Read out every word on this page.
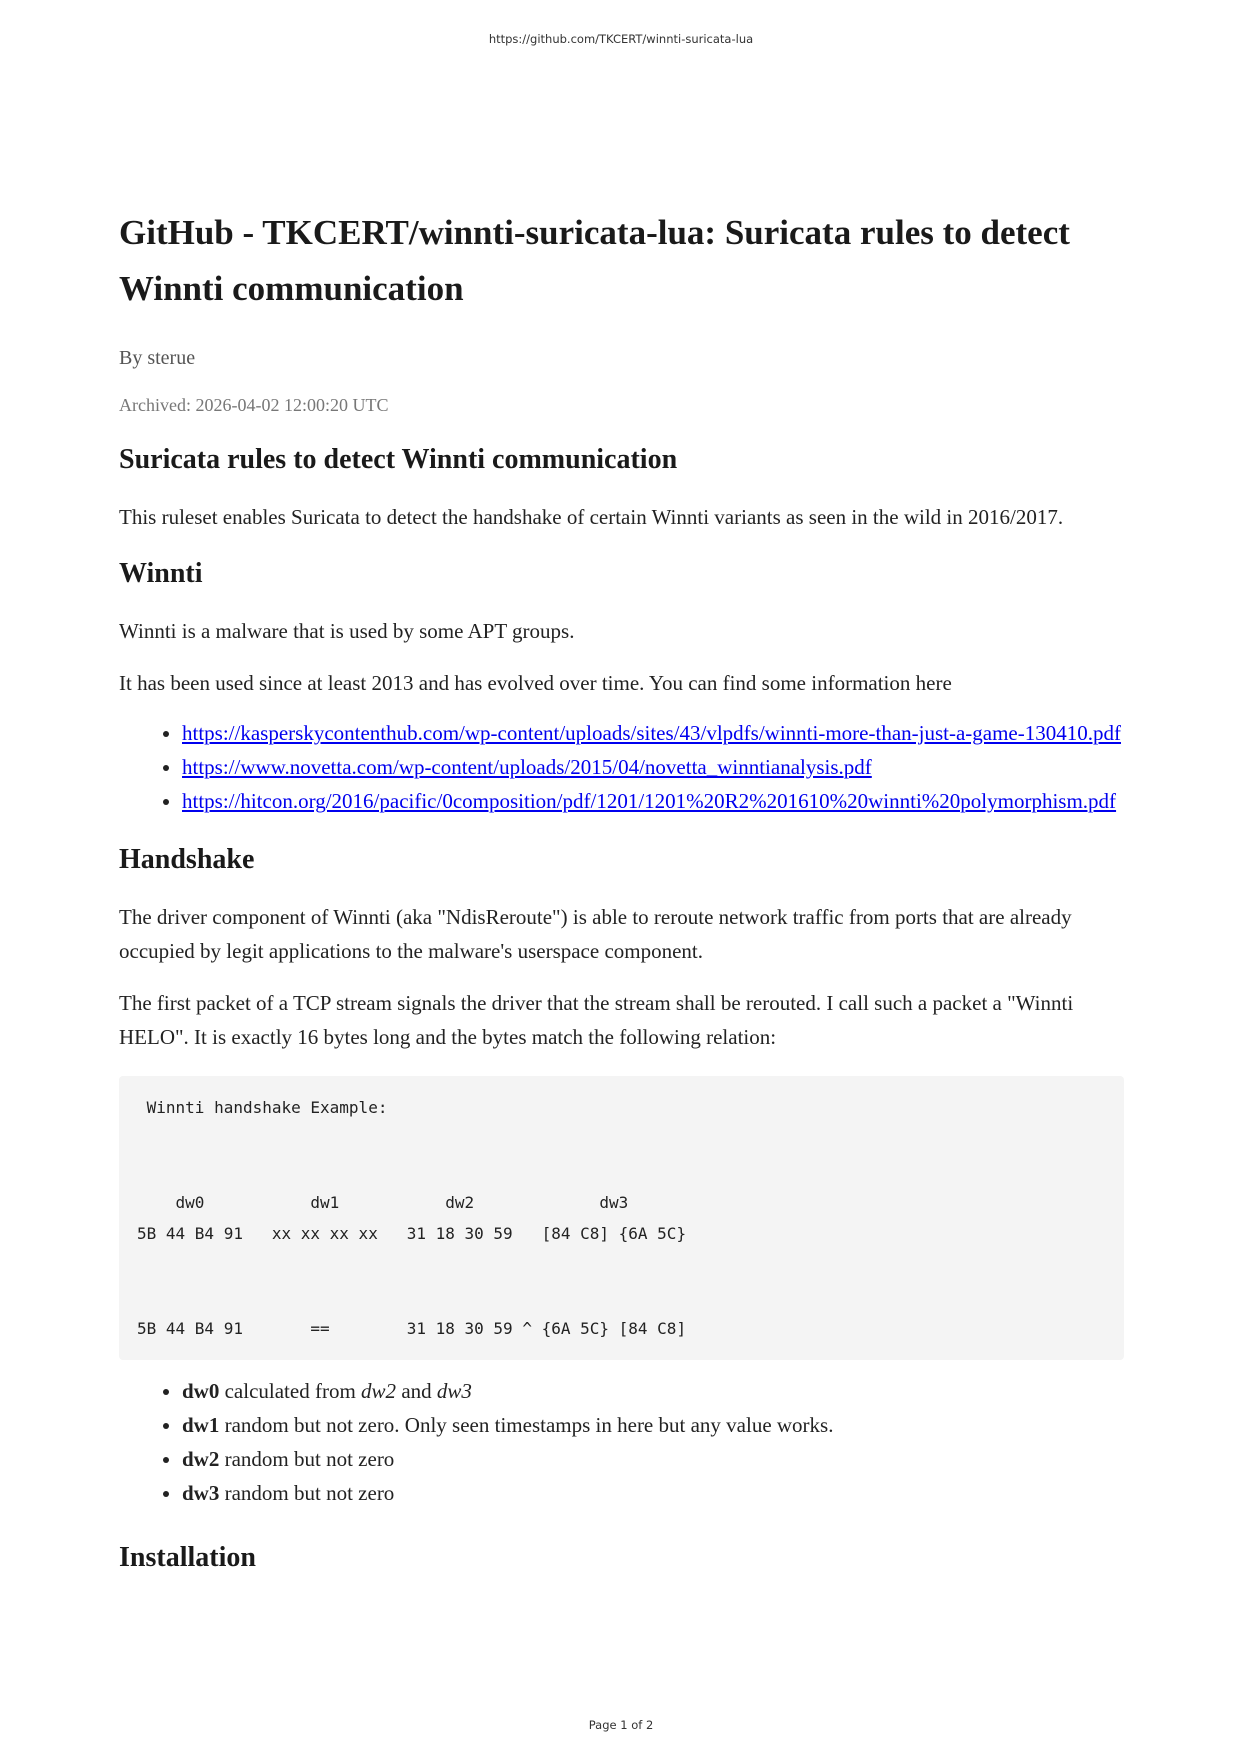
https://github.com/TKCERT/winnti-suricata-lua
GitHub - TKCERT/winnti-suricata-lua: Suricata rules to detect Winnti communication
By sterue
Archived: 2026-04-02 12:00:20 UTC
Suricata rules to detect Winnti communication

This ruleset enables Suricata to detect the handshake of certain Winnti variants as seen in the wild in 2016/2017.

Winnti

Winnti is a malware that is used by some APT groups.

It has been used since at least 2013 and has evolved over time. You can find some information here

• https://kasperskycontenthub.com/wp-content/uploads/sites/43/vlpdfs/winnti-more-than-just-a-game-130410.pdf
• https://www.novetta.com/wp-content/uploads/2015/04/novetta_winntianalysis.pdf
• https://hitcon.org/2016/pacific/0composition/pdf/1201/1201%20R2%201610%20winnti%20polymorphism.pdf
Handshake

The driver component of Winnti (aka "NdisReroute") is able to reroute network traffic from ports that are already occupied by legit applications to the malware's userspace component.

The first packet of a TCP stream signals the driver that the stream shall be rerouted. I call such a packet a "Winnti HELO". It is exactly 16 bytes long and the bytes match the following relation:

Winnti handshake Example:

dw0           dw1           dw2             dw3
5B 44 B4 91   xx xx xx xx   31 18 30 59   [84 C8] {6A 5C}

5B 44 B4 91       ==        31 18 30 59 ^ {6A 5C} [84 C8]
• dw0 calculated from dw2 and dw3
• dw1 random but not zero. Only seen timestamps in here but any value works.
• dw2 random but not zero
• dw3 random but not zero
Installation
Page 1 of 2
